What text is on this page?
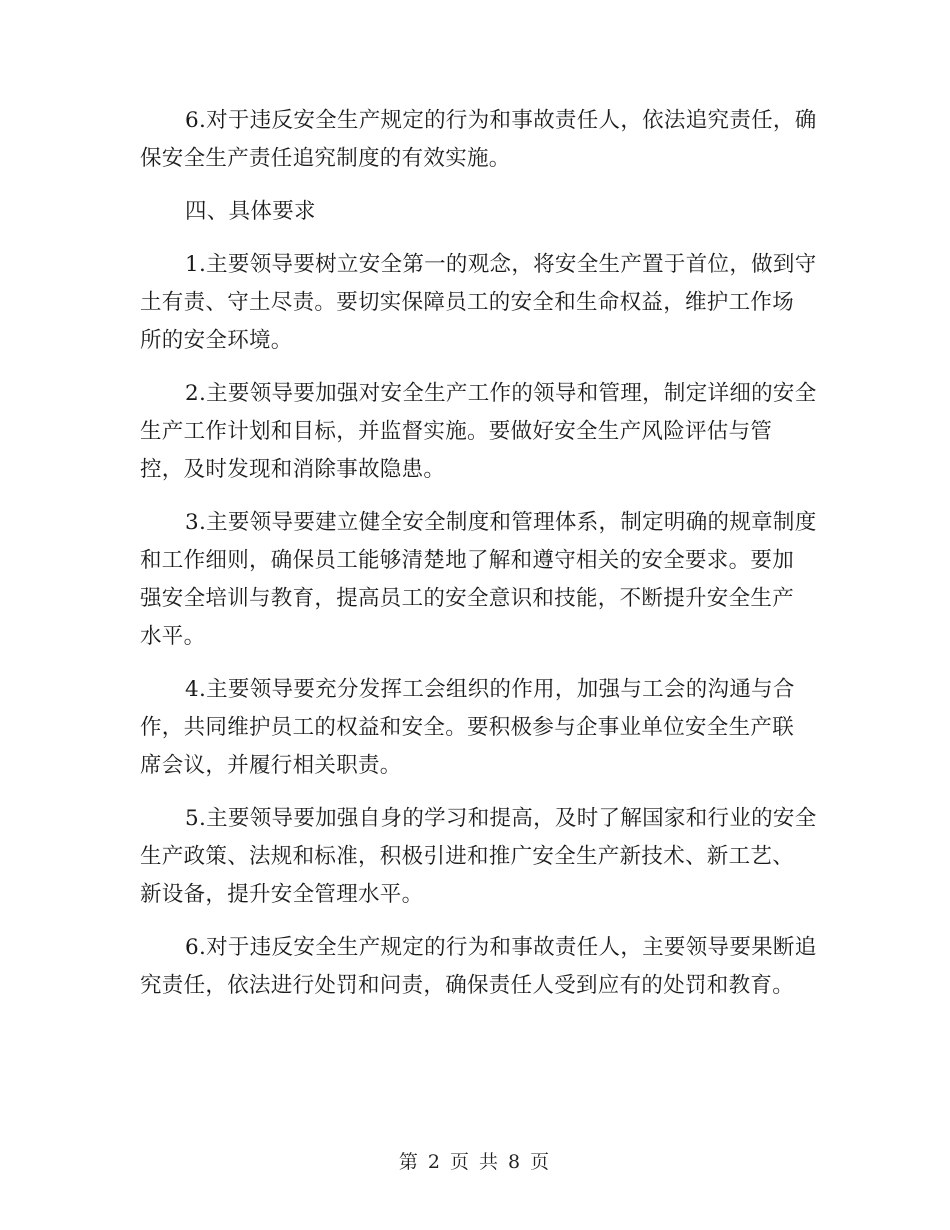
6.对于违反安全生产规定的行为和事故责任人，依法追究责任，确
保安全生产责任追究制度的有效实施。
四、具体要求
1.主要领导要树立安全第一的观念，将安全生产置于首位，做到守
土有责、守土尽责。要切实保障员工的安全和生命权益，维护工作场
所的安全环境。
2.主要领导要加强对安全生产工作的领导和管理，制定详细的安全
生产工作计划和目标，并监督实施。要做好安全生产风险评估与管
控，及时发现和消除事故隐患。
3.主要领导要建立健全安全制度和管理体系，制定明确的规章制度
和工作细则，确保员工能够清楚地了解和遵守相关的安全要求。要加
强安全培训与教育，提高员工的安全意识和技能，不断提升安全生产
水平。
4.主要领导要充分发挥工会组织的作用，加强与工会的沟通与合
作，共同维护员工的权益和安全。要积极参与企事业单位安全生产联
席会议，并履行相关职责。
5.主要领导要加强自身的学习和提高，及时了解国家和行业的安全
生产政策、法规和标准，积极引进和推广安全生产新技术、新工艺、
新设备，提升安全管理水平。
6.对于违反安全生产规定的行为和事故责任人，主要领导要果断追
究责任，依法进行处罚和问责，确保责任人受到应有的处罚和教育。
第 2 页 共 8 页
